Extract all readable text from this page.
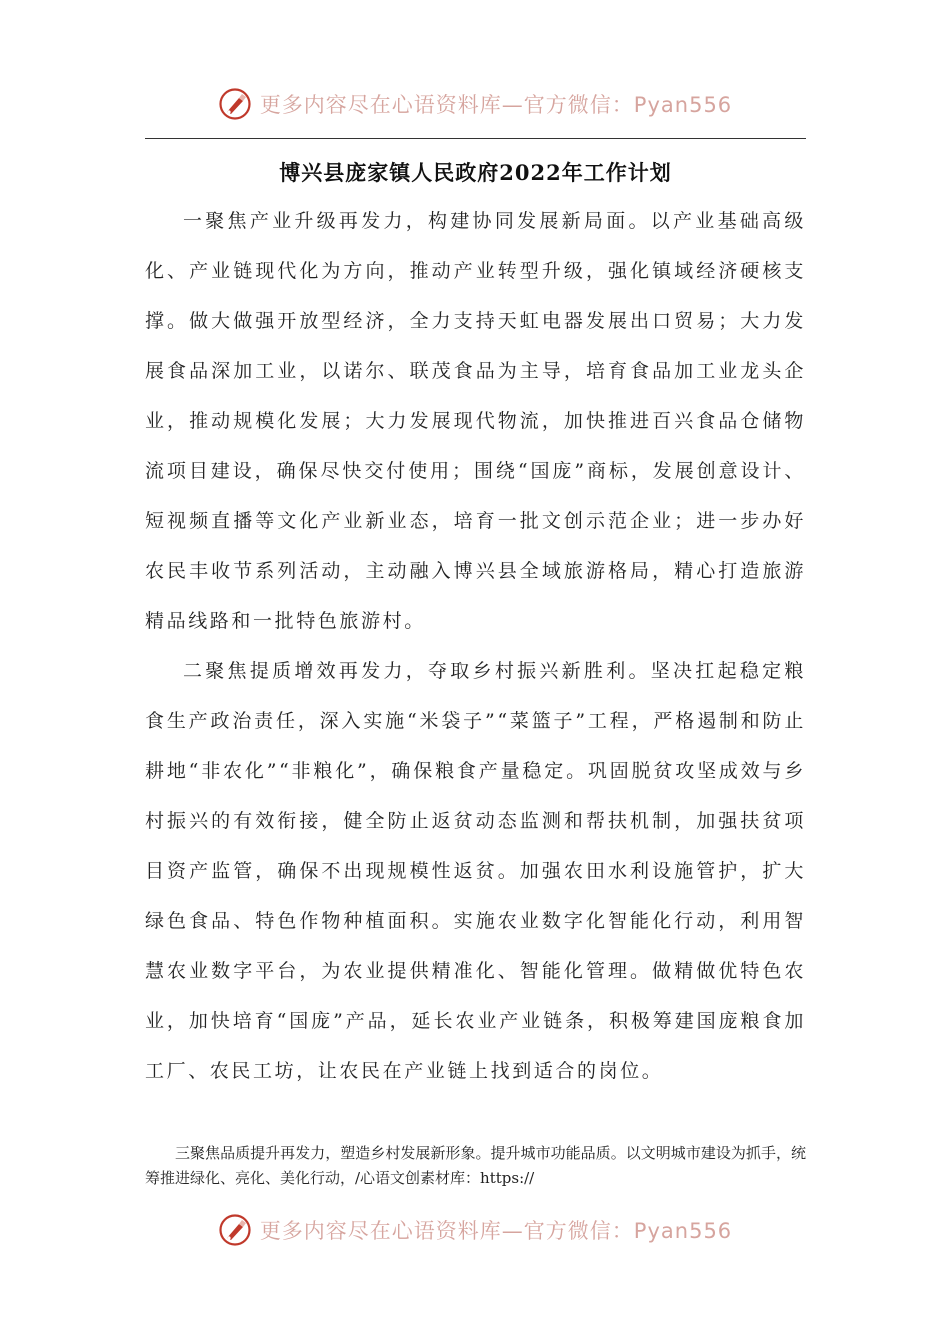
更多内容尽在心语资料库—官方微信：Pyan556
博兴县庞家镇人民政府2022年工作计划

一聚焦产业升级再发力，构建协同发展新局面。以产业基础高级化、产业链现代化为方向，推动产业转型升级，强化镇域经济硬核支撑。做大做强开放型经济，全力支持天虹电器发展出口贸易；大力发展食品深加工业，以诺尔、联茂食品为主导，培育食品加工业龙头企业，推动规模化发展；大力发展现代物流，加快推进百兴食品仓储物流项目建设，确保尽快交付使用；围绕“国庞”商标，发展创意设计、短视频直播等文化产业新业态，培育一批文创示范企业；进一步办好农民丰收节系列活动，主动融入博兴县全域旅游格局，精心打造旅游精品线路和一批特色旅游村。

二聚焦提质增效再发力，夺取乡村振兴新胜利。坚决扛起稳定粮食生产政治责任，深入实施“米袋子”“菜篮子”工程，严格遏制和防止耕地“非农化”“非粮化”，确保粮食产量稳定。巩固脱贫攻坚成效与乡村振兴的有效衔接，健全防止返贫动态监测和帮扶机制，加强扶贫项目资产监管，确保不出现规模性返贫。加强农田水利设施管护，扩大绿色食品、特色作物种植面积。实施农业数字化智能化行动，利用智慧农业数字平台，为农业提供精准化、智能化管理。做精做优特色农业，加快培育“国庞”产品，延长农业产业链条，积极筹建国庞粮食加工厂、农民工坊，让农民在产业链上找到适合的岗位。

三聚焦品质提升再发力，塑造乡村发展新形象。提升城市功能品质。以文明城市建设为抓手，统筹推进绿化、亮化、美化行动，/心语文创素材库：https://

更多内容尽在心语资料库—官方微信：Pyan556
